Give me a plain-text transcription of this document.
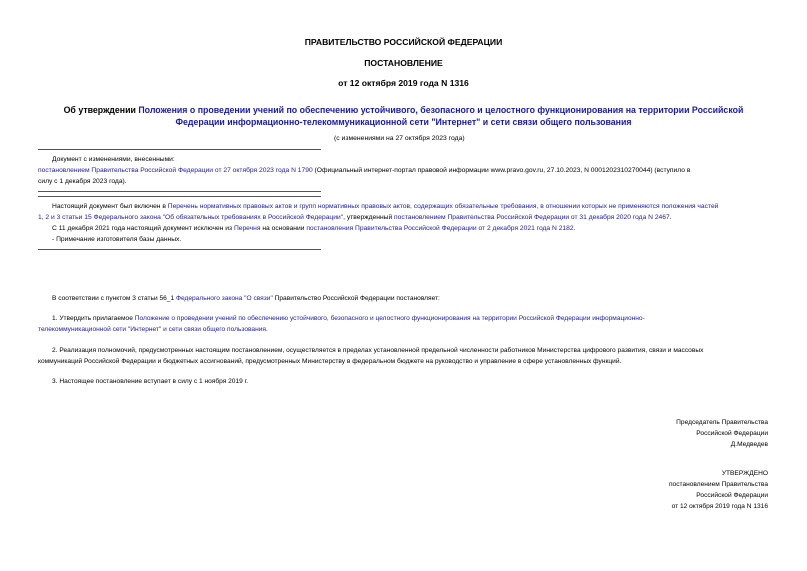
ПРАВИТЕЛЬСТВО РОССИЙСКОЙ ФЕДЕРАЦИИ
ПОСТАНОВЛЕНИЕ
от 12 октября 2019 года N 1316
Об утверждении Положения о проведении учений по обеспечению устойчивого, безопасного и целостного функционирования на территории Российской
Федерации информационно-телекоммуникационной сети "Интернет" и сети связи общего пользования
(с изменениями на 27 октября 2023 года)
Документ с изменениями, внесенными:
постановлением Правительства Российской Федерации от 27 октября 2023 года N 1790 (Официальный интернет-портал правовой информации www.pravo.gov.ru, 27.10.2023, N 0001202310270044) (вступило в
силу с 1 декабря 2023 года).
Настоящий документ был включен в Перечень нормативных правовых актов и групп нормативных правовых актов, содержащих обязательные требования, в отношении которых не применяются положения частей
1, 2 и 3 статьи 15 Федерального закона "Об обязательных требованиях в Российской Федерации", утвержденный постановлением Правительства Российской Федерации от 31 декабря 2020 года N 2467.
С 11 декабря 2021 года настоящий документ исключен из Перечня на основании постановления Правительства Российской Федерации от 2 декабря 2021 года N 2182.
- Примечание изготовителя базы данных.
В соответствии с пунктом 3 статьи 56_1 Федерального закона "О связи" Правительство Российской Федерации постановляет:
1. Утвердить прилагаемое Положение о проведении учений по обеспечению устойчивого, безопасного и целостного функционирования на территории Российской Федерации информационно-
телекоммуникационной сети "Интернет" и сети связи общего пользования.
2. Реализация полномочий, предусмотренных настоящим постановлением, осуществляется в пределах установленной предельной численности работников Министерства цифрового развития, связи и массовых
коммуникаций Российской Федерации и бюджетных ассигнований, предусмотренных Министерству в федеральном бюджете на руководство и управление в сфере установленных функций.
3. Настоящее постановление вступает в силу с 1 ноября 2019 г.
Председатель Правительства
Российской Федерации
Д.Медведев
УТВЕРЖДЕНО
постановлением Правительства
Российской Федерации
от 12 октября 2019 года N 1316
